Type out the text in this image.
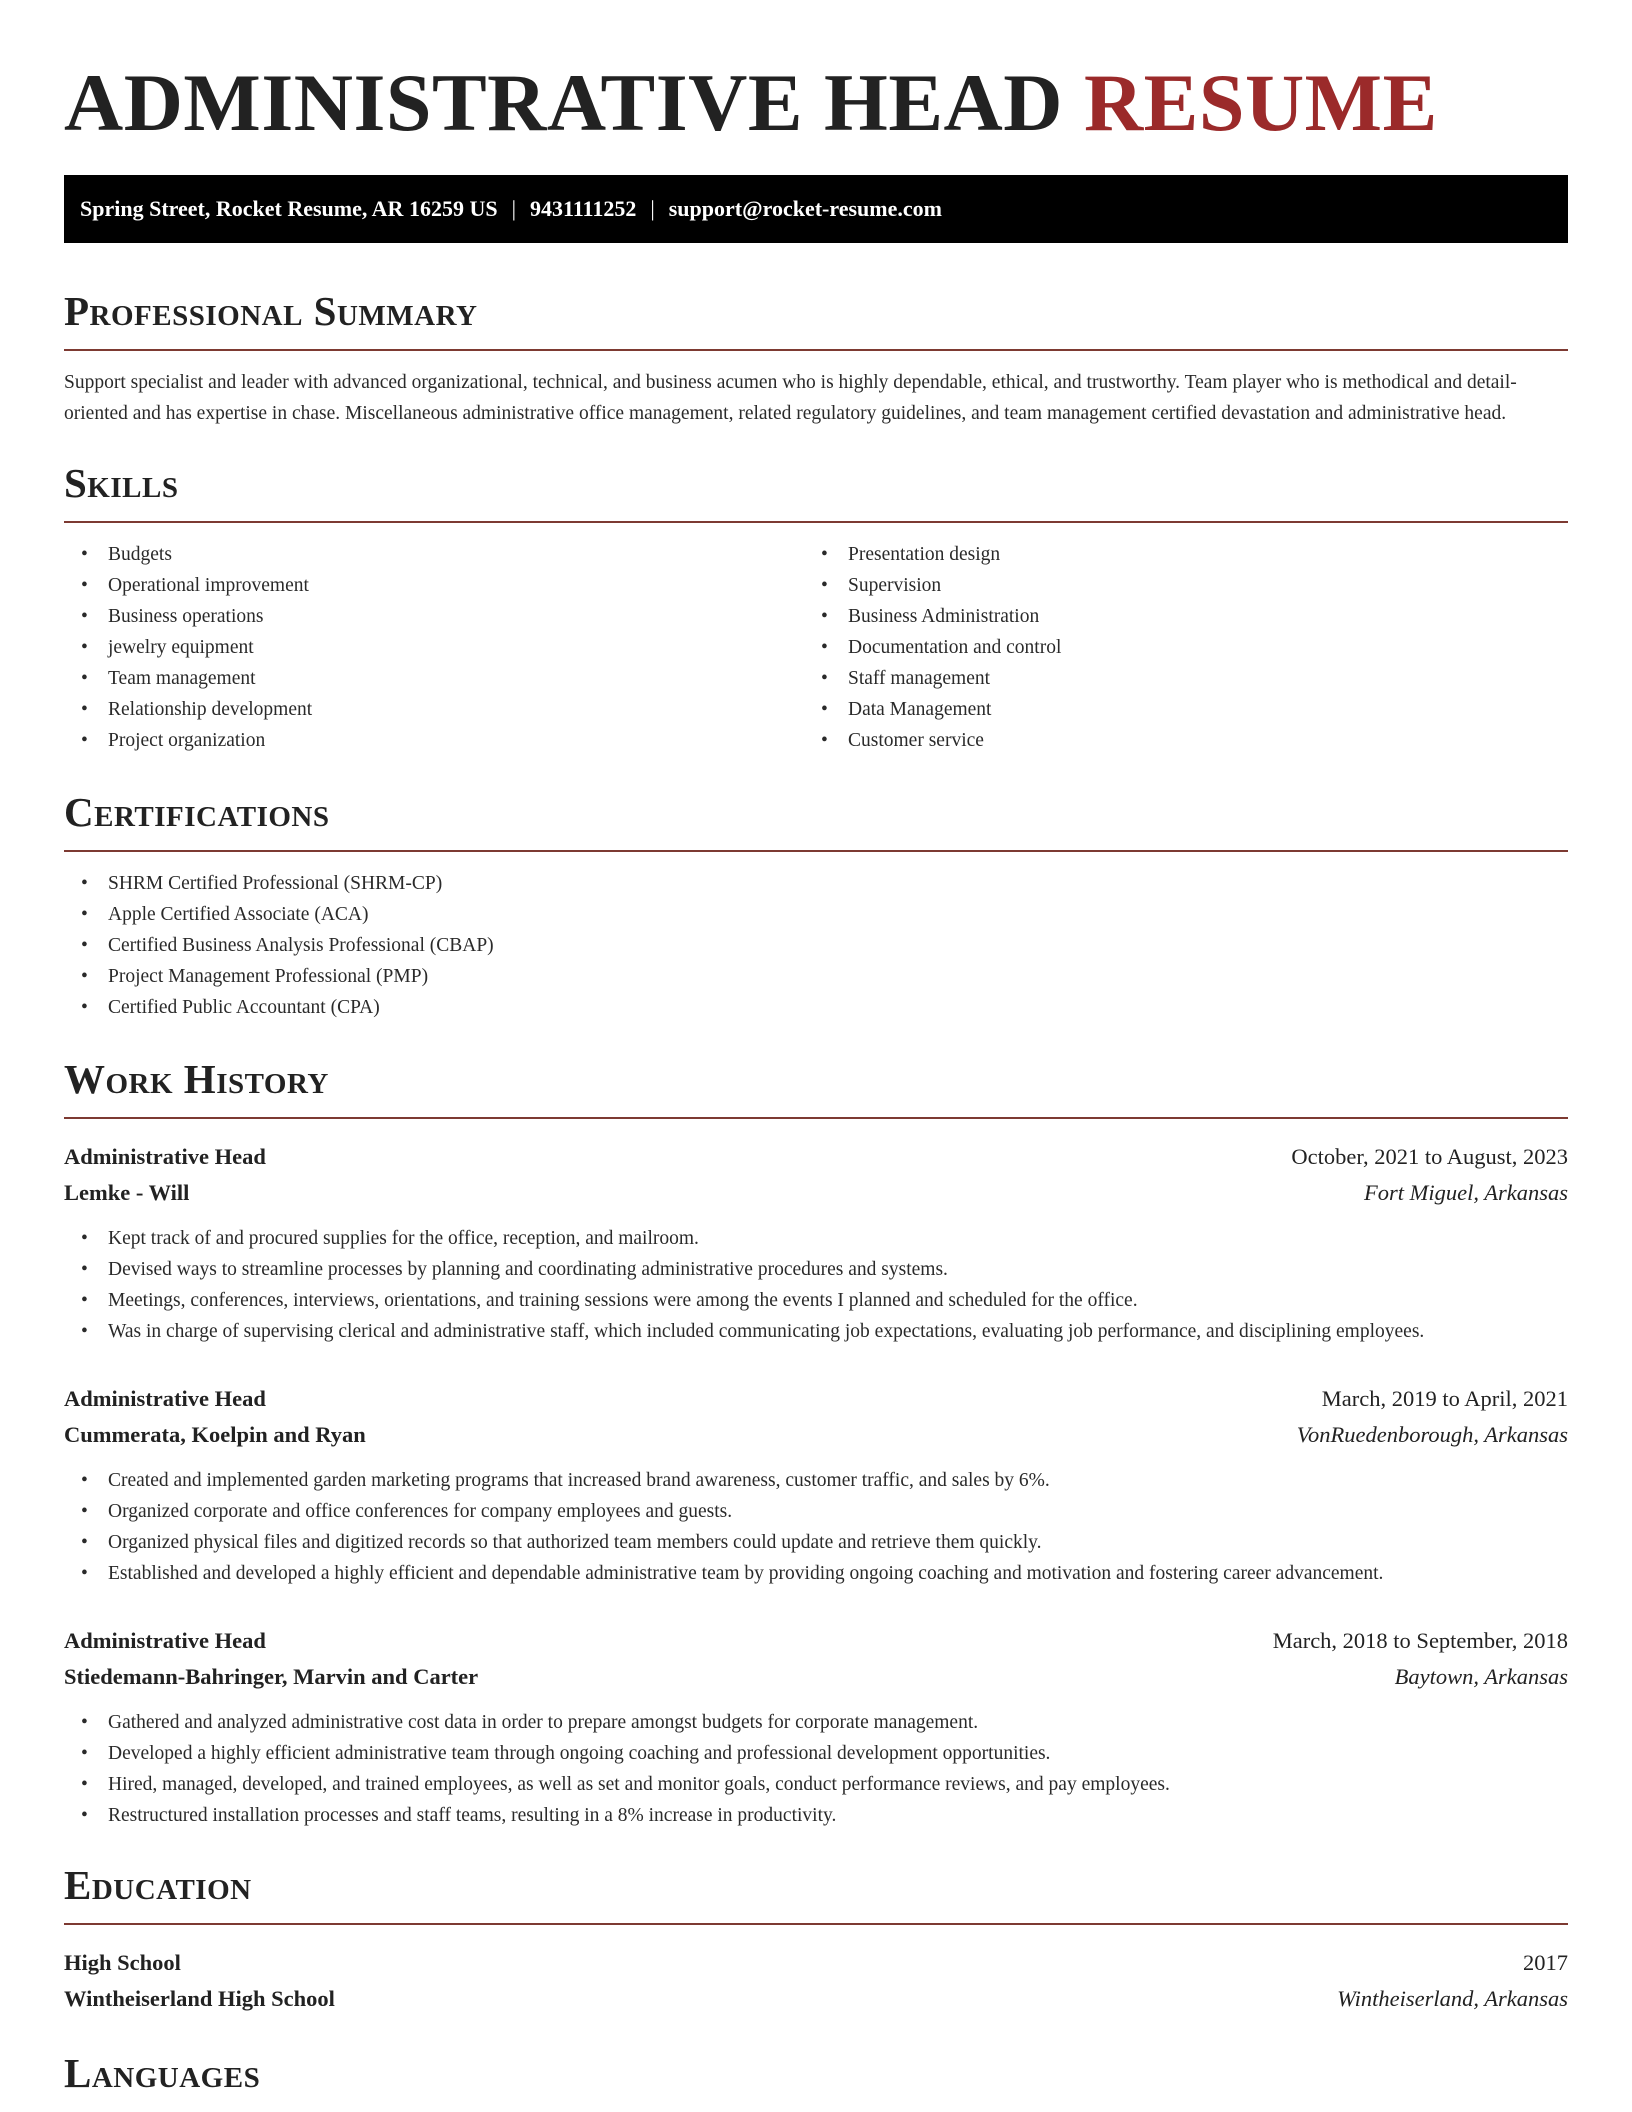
ADMINISTRATIVE HEAD RESUME
Spring Street, Rocket Resume, AR 16259 US | 9431111252 | support@rocket-resume.com
Professional Summary

Support specialist and leader with advanced organizational, technical, and business acumen who is highly dependable, ethical, and trustworthy. Team player who is methodical and detail-oriented and has expertise in chase. Miscellaneous administrative office management, related regulatory guidelines, and team management certified devastation and administrative head.

Skills
• Budgets
• Operational improvement
• Business operations
• jewelry equipment
• Team management
• Relationship development
• Project organization
• Presentation design
• Supervision
• Business Administration
• Documentation and control
• Staff management
• Data Management
• Customer service
Certifications
• SHRM Certified Professional (SHRM-CP)
• Apple Certified Associate (ACA)
• Certified Business Analysis Professional (CBAP)
• Project Management Professional (PMP)
• Certified Public Accountant (CPA)
Work History
Administrative Head	October, 2021 to August, 2023
Lemke - Will	Fort Miguel, Arkansas
• Kept track of and procured supplies for the office, reception, and mailroom.
• Devised ways to streamline processes by planning and coordinating administrative procedures and systems.
• Meetings, conferences, interviews, orientations, and training sessions were among the events I planned and scheduled for the office.
• Was in charge of supervising clerical and administrative staff, which included communicating job expectations, evaluating job performance, and disciplining employees.
Administrative Head	March, 2019 to April, 2021
Cummerata, Koelpin and Ryan	VonRuedenborough, Arkansas
• Created and implemented garden marketing programs that increased brand awareness, customer traffic, and sales by 6%.
• Organized corporate and office conferences for company employees and guests.
• Organized physical files and digitized records so that authorized team members could update and retrieve them quickly.
• Established and developed a highly efficient and dependable administrative team by providing ongoing coaching and motivation and fostering career advancement.
Administrative Head	March, 2018 to September, 2018
Stiedemann-Bahringer, Marvin and Carter	Baytown, Arkansas
• Gathered and analyzed administrative cost data in order to prepare amongst budgets for corporate management.
• Developed a highly efficient administrative team through ongoing coaching and professional development opportunities.
• Hired, managed, developed, and trained employees, as well as set and monitor goals, conduct performance reviews, and pay employees.
• Restructured installation processes and staff teams, resulting in a 8% increase in productivity.
Education
High School	2017
Wintheiserland High School	Wintheiserland, Arkansas
Languages
